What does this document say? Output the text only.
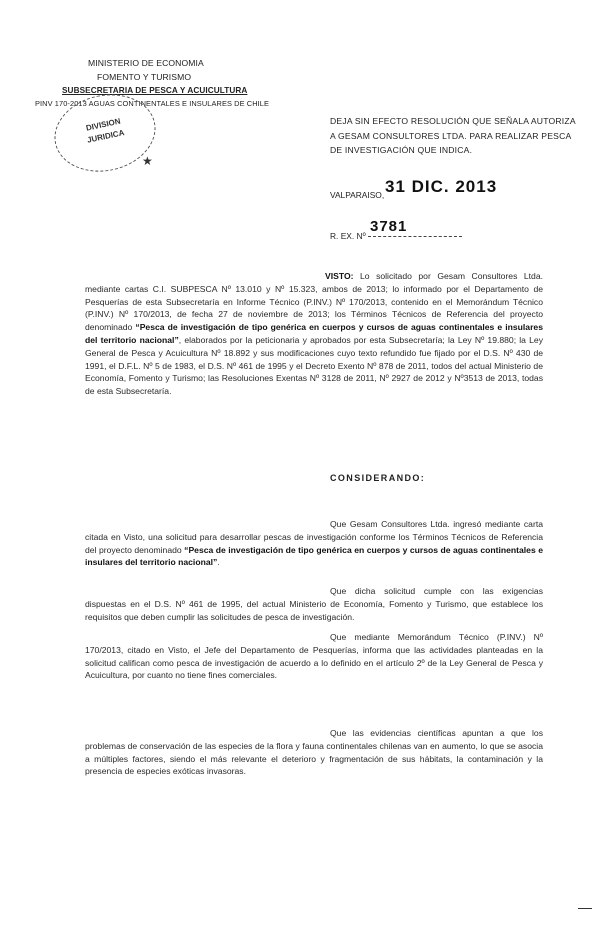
MINISTERIO DE ECONOMIA
FOMENTO Y TURISMO
SUBSECRETARIA DE PESCA Y ACUICULTURA
PINV 170-2013 AGUAS CONTINENTALES E INSULARES DE CHILE
DIVISION
JURIDICA
★
DEJA SIN EFECTO RESOLUCIÓN QUE SEÑALA AUTORIZA A GESAM CONSULTORES LTDA. PARA REALIZAR PESCA DE INVESTIGACIÓN QUE INDICA.
VALPARAISO, 31 DIC. 2013
R. EX. Nº
3781
VISTO: Lo solicitado por Gesam Consultores Ltda. mediante cartas C.I. SUBPESCA Nº 13.010 y Nº 15.323, ambos de 2013; lo informado por el Departamento de Pesquerías de esta Subsecretaría en Informe Técnico (P.INV.) Nº 170/2013, contenido en el Memorándum Técnico (P.INV.) Nº 170/2013, de fecha 27 de noviembre de 2013; los Términos Técnicos de Referencia del proyecto denominado “Pesca de investigación de tipo genérica en cuerpos y cursos de aguas continentales e insulares del territorio nacional”, elaborados por la peticionaria y aprobados por esta Subsecretaría; la Ley Nº 19.880; la Ley General de Pesca y Acuicultura Nº 18.892 y sus modificaciones cuyo texto refundido fue fijado por el D.S. Nº 430 de 1991, el D.F.L. Nº 5 de 1983, el D.S. Nº 461 de 1995 y el Decreto Exento Nº 878 de 2011, todos del actual Ministerio de Economía, Fomento y Turismo; las Resoluciones Exentas Nº 3128 de 2011, Nº 2927 de 2012 y Nº3513 de 2013, todas de esta Subsecretaría.
CONSIDERANDO:
Que Gesam Consultores Ltda. ingresó mediante carta citada en Visto, una solicitud para desarrollar pescas de investigación conforme los Términos Técnicos de Referencia del proyecto denominado “Pesca de investigación de tipo genérica en cuerpos y cursos de aguas continentales e insulares del territorio nacional”.
Que dicha solicitud cumple con las exigencias dispuestas en el D.S. Nº 461 de 1995, del actual Ministerio de Economía, Fomento y Turismo, que establece los requisitos que deben cumplir las solicitudes de pesca de investigación.
Que mediante Memorándum Técnico (P.INV.) Nº 170/2013, citado en Visto, el Jefe del Departamento de Pesquerías, informa que las actividades planteadas en la solicitud califican como pesca de investigación de acuerdo a lo definido en el artículo 2º de la Ley General de Pesca y Acuicultura, por cuanto no tiene fines comerciales.
Que las evidencias científicas apuntan a que los problemas de conservación de las especies de la flora y fauna continentales chilenas van en aumento, lo que se asocia a múltiples factores, siendo el más relevante el deterioro y fragmentación de sus hábitats, la contaminación y la presencia de especies exóticas invasoras.
